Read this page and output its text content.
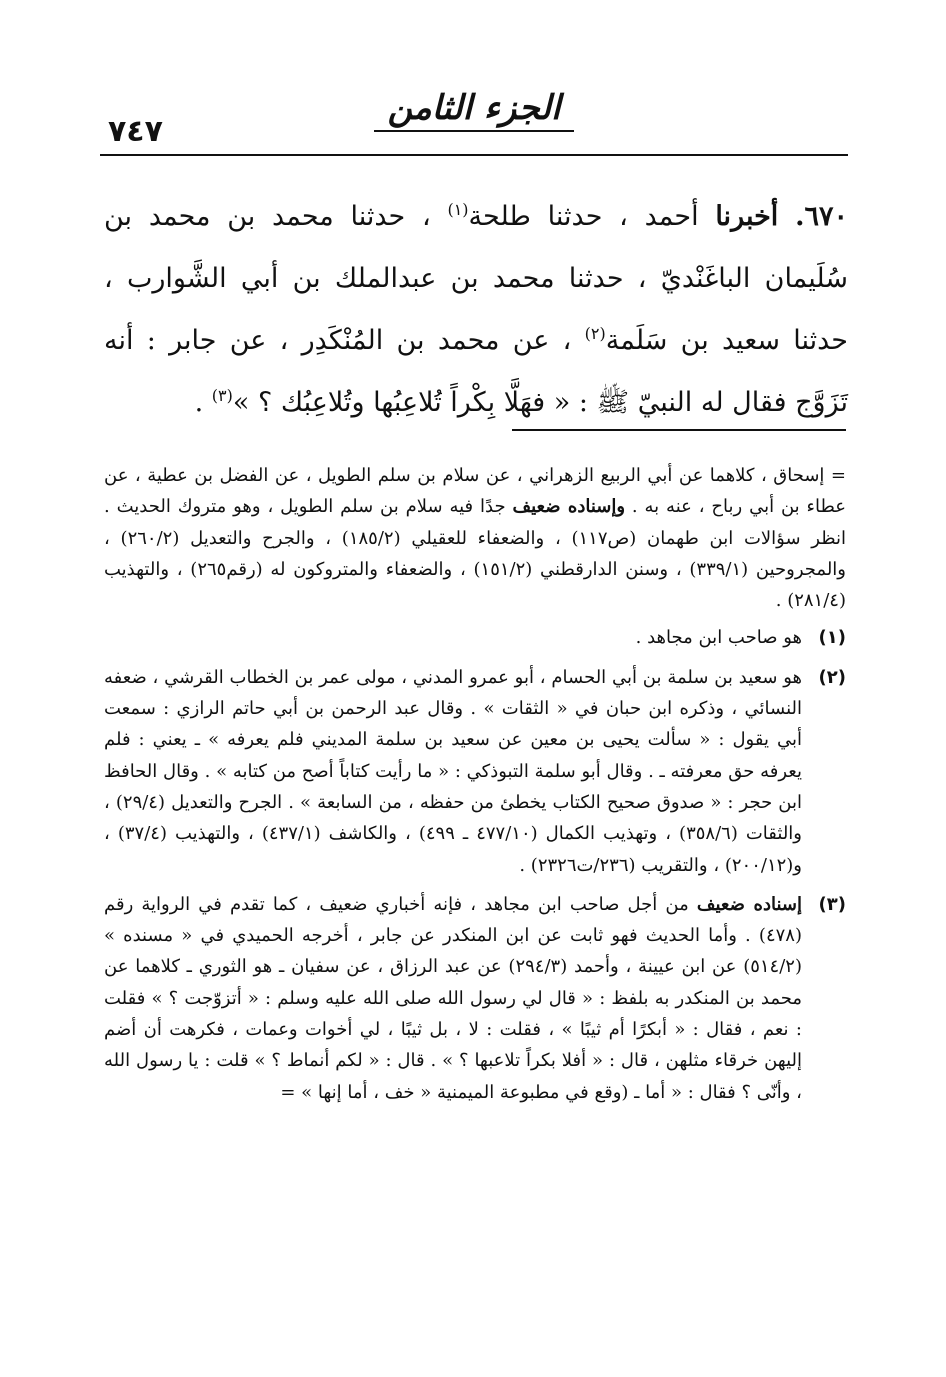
٧٤٧
الجزء الثامن
٦٧٠. أخبرنا أحمد ، حدثنا طلحة$^{(١)}$ ، حدثنا محمد بن محمد بن سُلَيمان الباغَنْديّ ، حدثنا محمد بن عبدالملك بن أبي الشَّوارب ، حدثنا سعيد بن سَلَمة$^{(٢)}$ ، عن محمد بن المُنْكَدِر ، عن جابر : أنه تَزَوَّج فقال له النبيّ ﷺ : « فهَلَّا بِكْراً تُلاعِبُها وتُلاعِبُك ؟ »$^{(٣)}$ .

= إسحاق ، كلاهما عن أبي الربيع الزهراني ، عن سلام بن سلم الطويل ، عن الفضل بن عطية ، عن عطاء بن أبي رباح ، عنه به . وإسناده ضعيف جدًا فيه سلام بن سلم الطويل ، وهو متروك الحديث . انظر سؤالات ابن طهمان (ص١١٧) ، والضعفاء للعقيلي (١٨٥/٢) ، والجرح والتعديل (٢٦٠/٢) ، والمجروحين (٣٣٩/١) ، وسنن الدارقطني (١٥١/٢) ، والضعفاء والمتروكون له (رقم٢٦٥) ، والتهذيب (٢٨١/٤) .

(١)
هو صاحب ابن مجاهد .
(٢)
هو سعيد بن سلمة بن أبي الحسام ، أبو عمرو المدني ، مولى عمر بن الخطاب القرشي ، ضعفه النسائي ، وذكره ابن حبان في « الثقات » . وقال عبد الرحمن بن أبي حاتم الرازي : سمعت أبي يقول : « سألت يحيى بن معين عن سعيد بن سلمة المديني فلم يعرفه » ـ يعني : فلم يعرفه حق معرفته ـ . وقال أبو سلمة التبوذكي : « ما رأيت كتاباً أصح من كتابه » . وقال الحافظ ابن حجر : « صدوق صحيح الكتاب يخطئ من حفظه ، من السابعة » . الجرح والتعديل (٢٩/٤) ، والثقات (٣٥٨/٦) ، وتهذيب الكمال (٤٧٧/١٠ ـ ٤٩٩) ، والكاشف (٤٣٧/١) ، والتهذيب (٣٧/٤) ، و(٢٠٠/١٢) ، والتقريب (٢٣٦/ت٢٣٢٦) .
(٣)
إسناده ضعيف من أجل صاحب ابن مجاهد ، فإنه أخباري ضعيف ، كما تقدم في الرواية رقم (٤٧٨) . وأما الحديث فهو ثابت عن ابن المنكدر عن جابر ، أخرجه الحميدي في « مسنده » (٥١٤/٢) عن ابن عيينة ، وأحمد (٢٩٤/٣) عن عبد الرزاق ، عن سفيان ـ هو الثوري ـ كلاهما عن محمد بن المنكدر به بلفظ : « قال لي رسول الله صلى الله عليه وسلم : « أتزوّجت ؟ » فقلت : نعم ، فقال : « أبكرًا أم ثيبًا » ، فقلت : لا ، بل ثيبًا ، لي أخوات وعمات ، فكرهت أن أضم إليهن خرقاء مثلهن ، قال : « أفلا بكراً تلاعبها ؟ » . قال : « لكم أنماط ؟ » قلت : يا رسول الله ، وأنّى ؟ فقال : « أما ـ (وقع في مطبوعة الميمنية « خف ، أما إنها » =
